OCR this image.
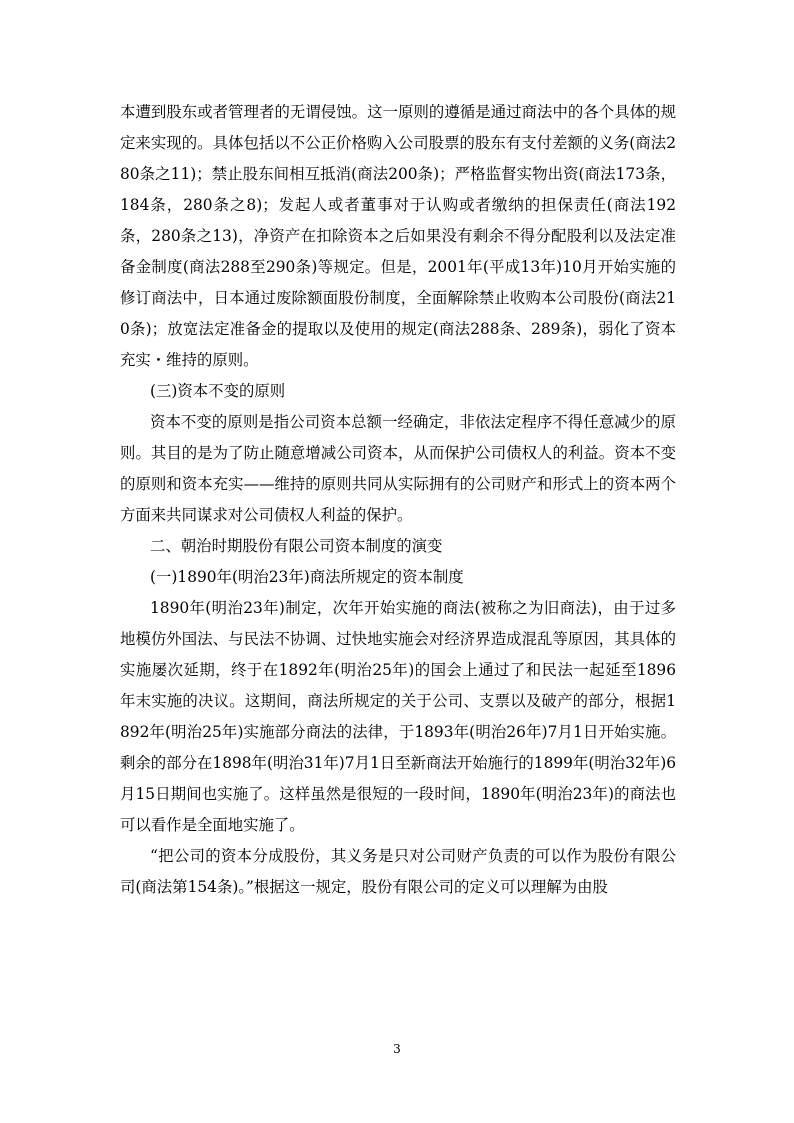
本遭到股东或者管理者的无谓侵蚀。这一原则的遵循是通过商法中的各个具体的规定来实现的。具体包括以不公正价格购入公司股票的股东有支付差额的义务(商法280条之11)；禁止股东间相互抵消(商法200条)；严格监督实物出资(商法173条，184条，280条之8)；发起人或者董事对于认购或者缴纳的担保责任(商法192条，280条之13)，净资产在扣除资本之后如果没有剩余不得分配股利以及法定准备金制度(商法288至290条)等规定。但是，2001年(平成13年)10月开始实施的修订商法中，日本通过废除额面股份制度，全面解除禁止收购本公司股份(商法210条)；放宽法定准备金的提取以及使用的规定(商法288条、289条)，弱化了资本充实・维持的原则。

(三)资本不变的原则

资本不变的原则是指公司资本总额一经确定，非依法定程序不得任意减少的原则。其目的是为了防止随意增减公司资本，从而保护公司债权人的利益。资本不变的原则和资本充实——维持的原则共同从实际拥有的公司财产和形式上的资本两个方面来共同谋求对公司债权人利益的保护。

二、朝治时期股份有限公司资本制度的演变

(一)1890年(明治23年)商法所规定的资本制度

1890年(明治23年)制定，次年开始实施的商法(被称之为旧商法)，由于过多地模仿外国法、与民法不协调、过快地实施会对经济界造成混乱等原因，其具体的实施屡次延期，终于在1892年(明治25年)的国会上通过了和民法一起延至1896年末实施的决议。这期间，商法所规定的关于公司、支票以及破产的部分，根据1892年(明治25年)实施部分商法的法律，于1893年(明治26年)7月1日开始实施。剩余的部分在1898年(明治31年)7月1日至新商法开始施行的1899年(明治32年)6月15日期间也实施了。这样虽然是很短的一段时间，1890年(明治23年)的商法也可以看作是全面地实施了。

“把公司的资本分成股份，其义务是只对公司财产负责的可以作为股份有限公司(商法第154条)。”根据这一规定，股份有限公司的定义可以理解为由股

3
